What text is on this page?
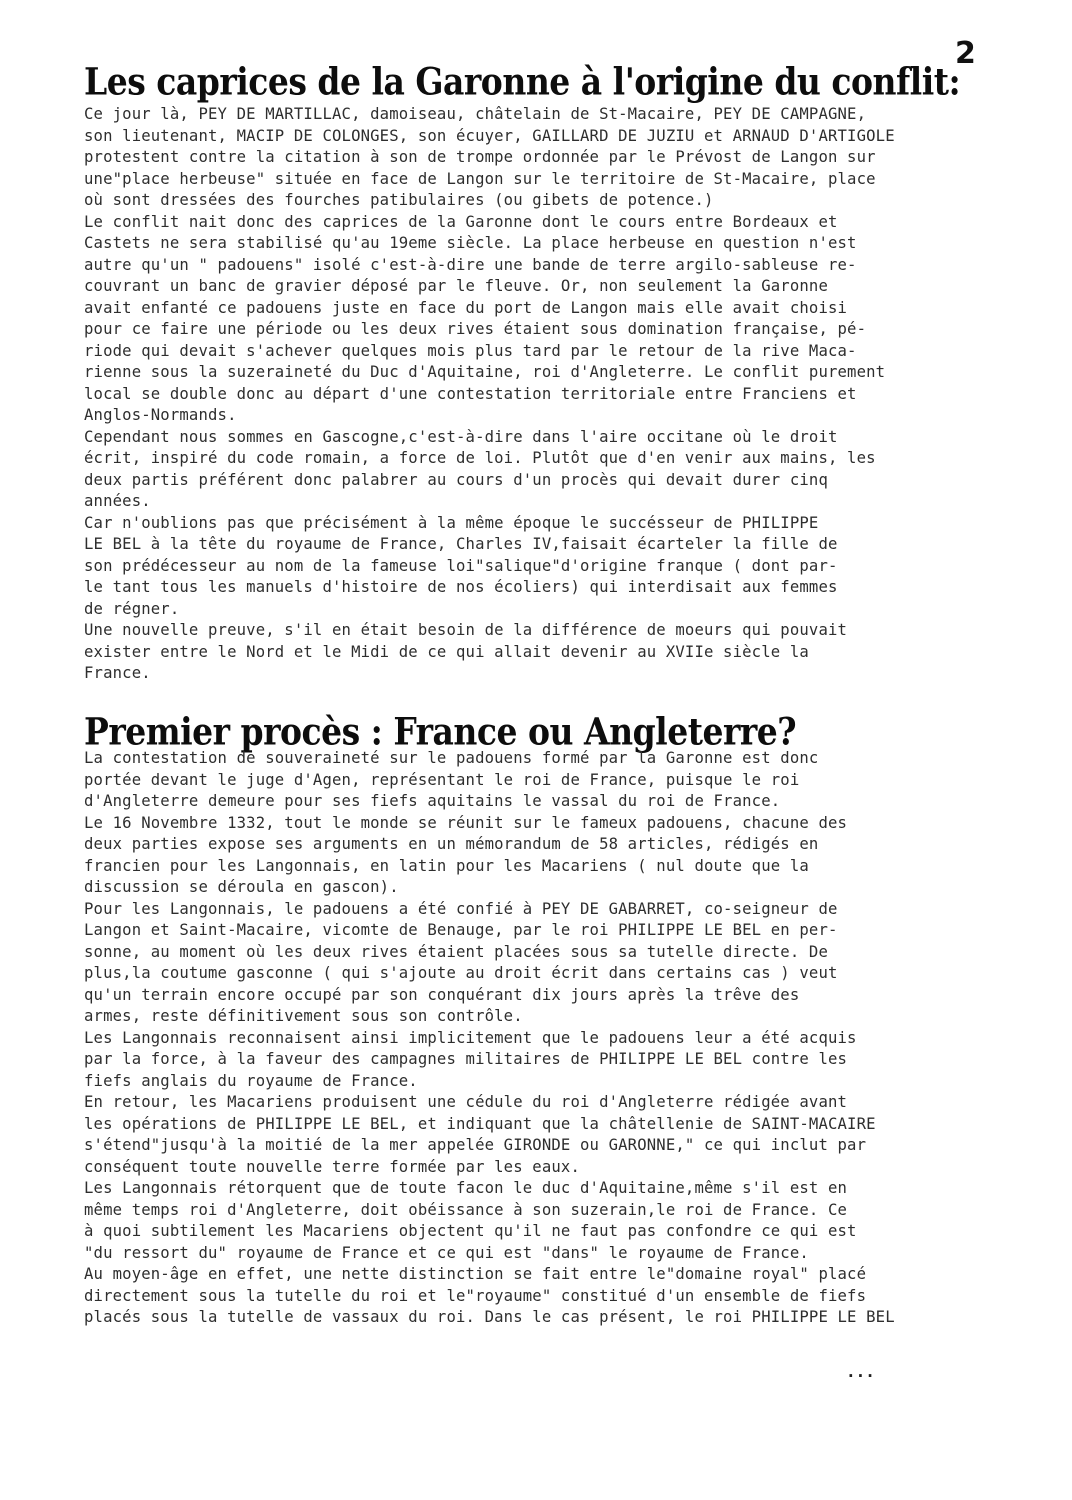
2
Les caprices de la Garonne à l'origine du conflit:
Ce jour là, PEY DE MARTILLAC, damoiseau, châtelain de St-Macaire, PEY DE CAMPAGNE,
son lieutenant, MACIP DE COLONGES, son écuyer, GAILLARD DE JUZIU et ARNAUD D'ARTIGOLE
protestent contre la citation à son de trompe ordonnée par le Prévost de Langon sur
une"place herbeuse" située en face de Langon sur le territoire de St-Macaire, place
où sont dressées des fourches patibulaires (ou gibets de potence.)
Le conflit nait donc des caprices de la Garonne dont le cours entre Bordeaux et
Castets ne sera stabilisé qu'au 19eme siècle. La place herbeuse en question n'est
autre qu'un " padouens" isolé c'est-à-dire une bande de terre argilo-sableuse re-
couvrant un banc de gravier déposé par le fleuve. Or, non seulement la Garonne
avait enfanté ce padouens juste en face du port de Langon mais elle avait choisi
pour ce faire une période ou les deux rives étaient sous domination française, pé-
riode qui devait s'achever quelques mois plus tard par le retour de la rive Maca-
rienne sous la suzeraineté du Duc d'Aquitaine, roi d'Angleterre. Le conflit purement
local se double donc au départ d'une contestation territoriale entre Franciens et
Anglos-Normands.
Cependant nous sommes en Gascogne,c'est-à-dire dans l'aire occitane où le droit
écrit, inspiré du code romain, a force de loi. Plutôt que d'en venir aux mains, les
deux partis préférent donc palabrer au cours d'un procès qui devait durer cinq
années.
Car n'oublions pas que précisément à la même époque le succésseur de PHILIPPE
LE BEL à la tête du royaume de France, Charles IV,faisait écarteler la fille de
son prédécesseur au nom de la fameuse loi"salique"d'origine franque ( dont par-
le tant tous les manuels d'histoire de nos écoliers) qui interdisait aux femmes
de régner.
Une nouvelle preuve, s'il en était besoin de la différence de moeurs qui pouvait
exister entre le Nord et le Midi de ce qui allait devenir au XVIIe siècle la
France.
Premier procès : France ou Angleterre?
La contestation de souveraineté sur le padouens formé par la Garonne est donc
portée devant le juge d'Agen, représentant le roi de France, puisque le roi
d'Angleterre demeure pour ses fiefs aquitains le vassal du roi de France.
Le 16 Novembre 1332, tout le monde se réunit sur le fameux padouens, chacune des
deux parties expose ses arguments en un mémorandum de 58 articles, rédigés en
francien pour les Langonnais, en latin pour les Macariens ( nul doute que la
discussion se déroula en gascon).
Pour les Langonnais, le padouens a été confié à PEY DE GABARRET, co-seigneur de
Langon et Saint-Macaire, vicomte de Benauge, par le roi PHILIPPE LE BEL en per-
sonne, au moment où les deux rives étaient placées sous sa tutelle directe. De
plus,la coutume gasconne ( qui s'ajoute au droit écrit dans certains cas ) veut
qu'un terrain encore occupé par son conquérant dix jours après la trêve des
armes, reste définitivement sous son contrôle.
Les Langonnais reconnaisent ainsi implicitement que le padouens leur a été acquis
par la force, à la faveur des campagnes militaires de PHILIPPE LE BEL contre les
fiefs anglais du royaume de France.
En retour, les Macariens produisent une cédule du roi d'Angleterre rédigée avant
les opérations de PHILIPPE LE BEL, et indiquant que la châtellenie de SAINT-MACAIRE
s'étend"jusqu'à la moitié de la mer appelée GIRONDE ou GARONNE," ce qui inclut par
conséquent toute nouvelle terre formée par les eaux.
Les Langonnais rétorquent que de toute facon le duc d'Aquitaine,même s'il est en
même temps roi d'Angleterre, doit obéissance à son suzerain,le roi de France. Ce
à quoi subtilement les Macariens objectent qu'il ne faut pas confondre ce qui est
"du ressort du" royaume de France et ce qui est "dans" le royaume de France.
Au moyen-âge en effet, une nette distinction se fait entre le"domaine royal" placé
directement sous la tutelle du roi et le"royaume" constitué d'un ensemble de fiefs
placés sous la tutelle de vassaux du roi. Dans le cas présent, le roi PHILIPPE LE BEL
...
